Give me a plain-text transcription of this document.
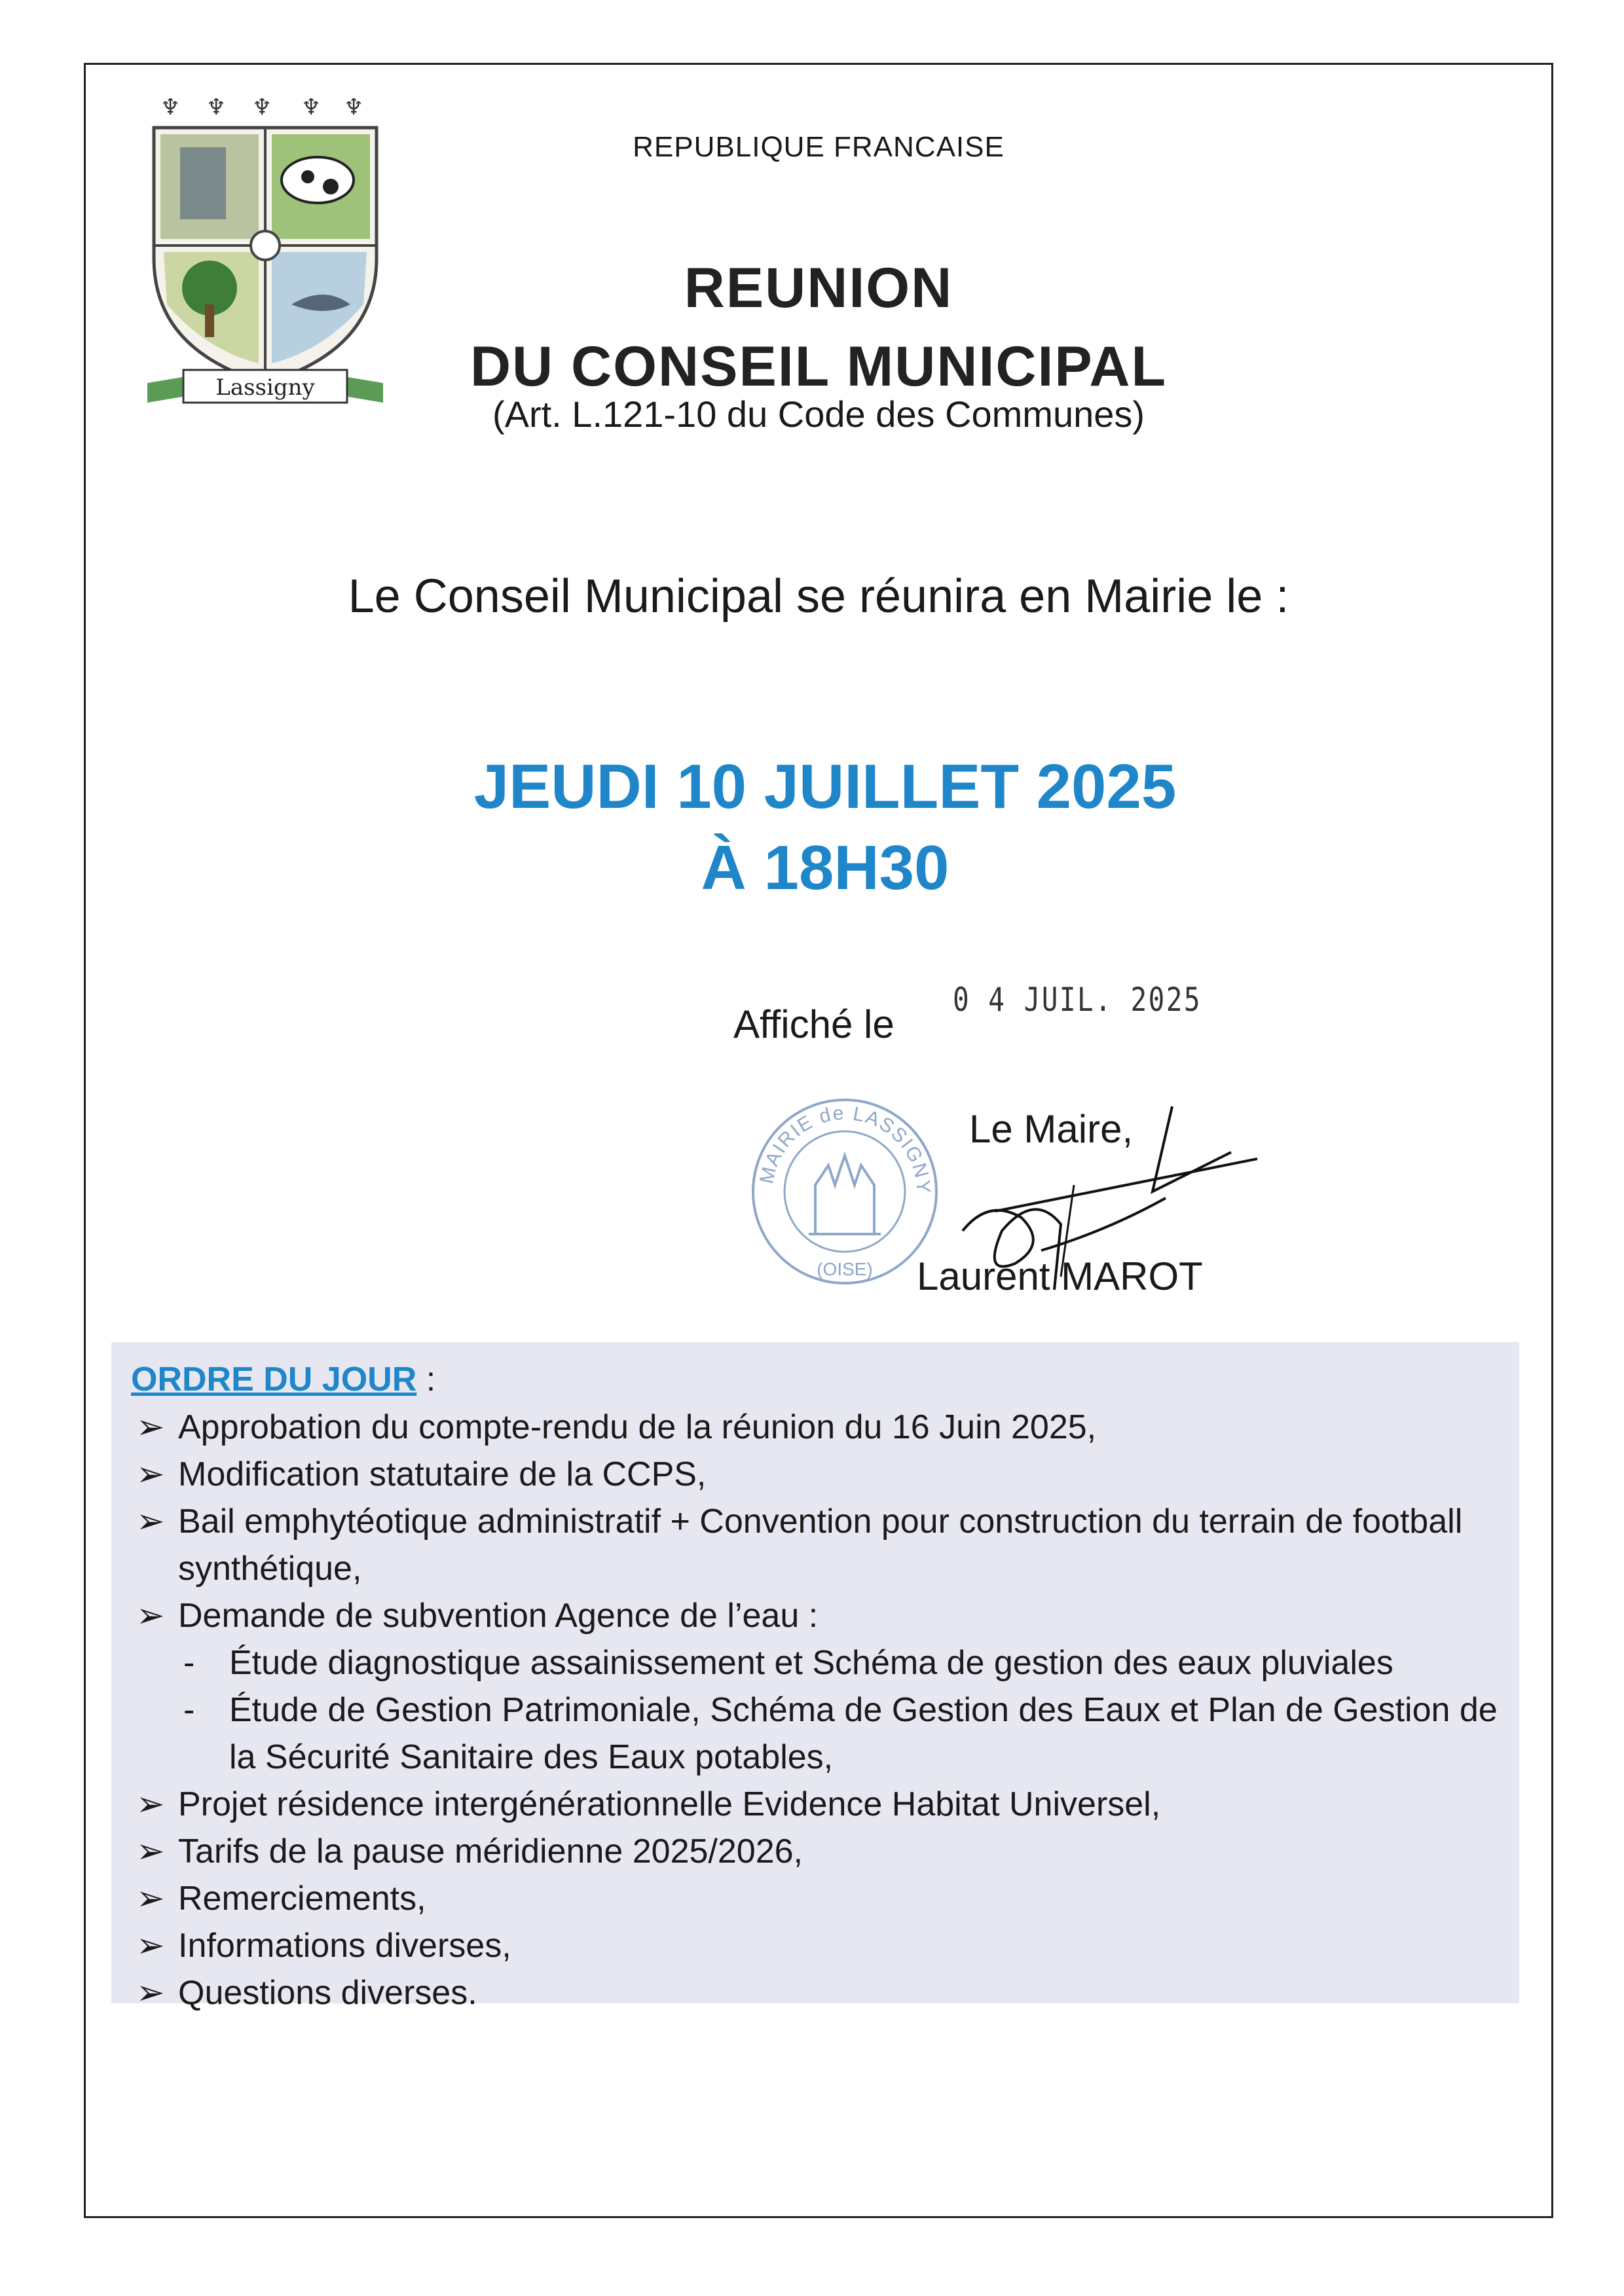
♆ ♆ ♆ ♆ ♆
Lassigny
REPUBLIQUE FRANCAISE
REUNION
DU CONSEIL MUNICIPAL
(Art. L.121-10 du Code des Communes)
Le Conseil Municipal se réunira en Mairie le :
JEUDI 10 JUILLET 2025
À 18H30
Affiché le
0 4 JUIL. 2025
MAIRIE de LASSIGNY
(OISE)
Le Maire,
Laurent MAROT
ORDRE DU JOUR :
➢ Approbation du compte-rendu de la réunion du 16 Juin 2025,
➢ Modification statutaire de la CCPS,
➢ Bail emphytéotique administratif + Convention pour construction du terrain de football synthétique,
➢ Demande de subvention Agence de l’eau :
- Étude diagnostique assainissement et Schéma de gestion des eaux pluviales
- Étude de Gestion Patrimoniale, Schéma de Gestion des Eaux et Plan de Gestion de la Sécurité Sanitaire des Eaux potables,
➢ Projet résidence intergénérationnelle Evidence Habitat Universel,
➢ Tarifs de la pause méridienne 2025/2026,
➢ Remerciements,
➢ Informations diverses,
➢ Questions diverses.
